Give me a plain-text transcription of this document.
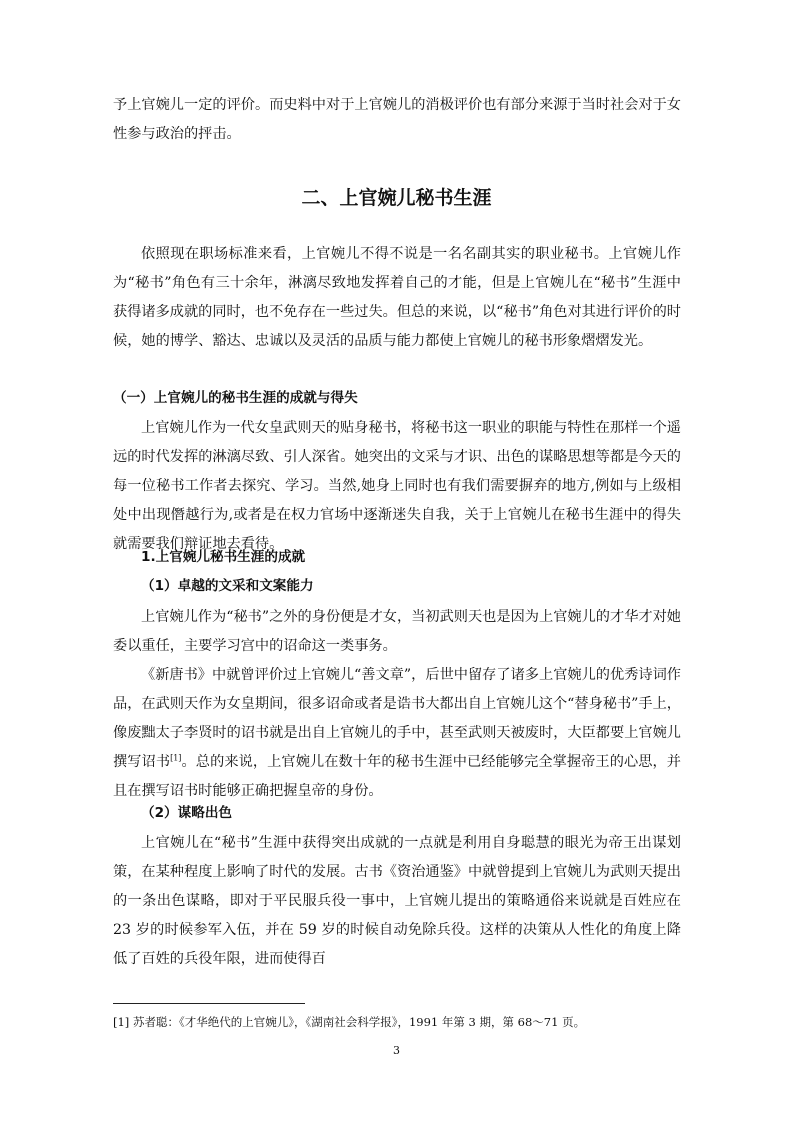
予上官婉儿一定的评价。而史料中对于上官婉儿的消极评价也有部分来源于当时社会对于女性参与政治的抨击。

二、上官婉儿秘书生涯

依照现在职场标准来看，上官婉儿不得不说是一名名副其实的职业秘书。上官婉儿作为“秘书”角色有三十余年，淋漓尽致地发挥着自己的才能，但是上官婉儿在“秘书”生涯中获得诸多成就的同时，也不免存在一些过失。但总的来说，以“秘书”角色对其进行评价的时候，她的博学、豁达、忠诚以及灵活的品质与能力都使上官婉儿的秘书形象熠熠发光。

（一）上官婉儿的秘书生涯的成就与得失

上官婉儿作为一代女皇武则天的贴身秘书，将秘书这一职业的职能与特性在那样一个遥远的时代发挥的淋漓尽致、引人深省。她突出的文采与才识、出色的谋略思想等都是今天的每一位秘书工作者去探究、学习。当然,她身上同时也有我们需要摒弃的地方,例如与上级相处中出现僭越行为,或者是在权力官场中逐渐迷失自我，关于上官婉儿在秘书生涯中的得失就需要我们辩证地去看待。

1.上官婉儿秘书生涯的成就
（1）卓越的文采和文案能力

上官婉儿作为“秘书”之外的身份便是才女，当初武则天也是因为上官婉儿的才华才对她委以重任，主要学习宫中的诏命这一类事务。

《新唐书》中就曾评价过上官婉儿“善文章”，后世中留存了诸多上官婉儿的优秀诗词作品，在武则天作为女皇期间，很多诏命或者是诰书大都出自上官婉儿这个“替身秘书”手上，像废黜太子李贤时的诏书就是出自上官婉儿的手中，甚至武则天被废时，大臣都要上官婉儿撰写诏书[1]。总的来说，上官婉儿在数十年的秘书生涯中已经能够完全掌握帝王的心思，并且在撰写诏书时能够正确把握皇帝的身份。

（2）谋略出色

上官婉儿在“秘书”生涯中获得突出成就的一点就是利用自身聪慧的眼光为帝王出谋划策，在某种程度上影响了时代的发展。古书《资治通鉴》中就曾提到上官婉儿为武则天提出的一条出色谋略，即对于平民服兵役一事中，上官婉儿提出的策略通俗来说就是百姓应在 23 岁的时候参军入伍，并在 59 岁的时候自动免除兵役。这样的决策从人性化的角度上降低了百姓的兵役年限，进而使得百

[1] 苏者聪：《才华绝代的上官婉儿》，《湖南社会科学报》，1991 年第 3 期，第 68～71 页。

3
